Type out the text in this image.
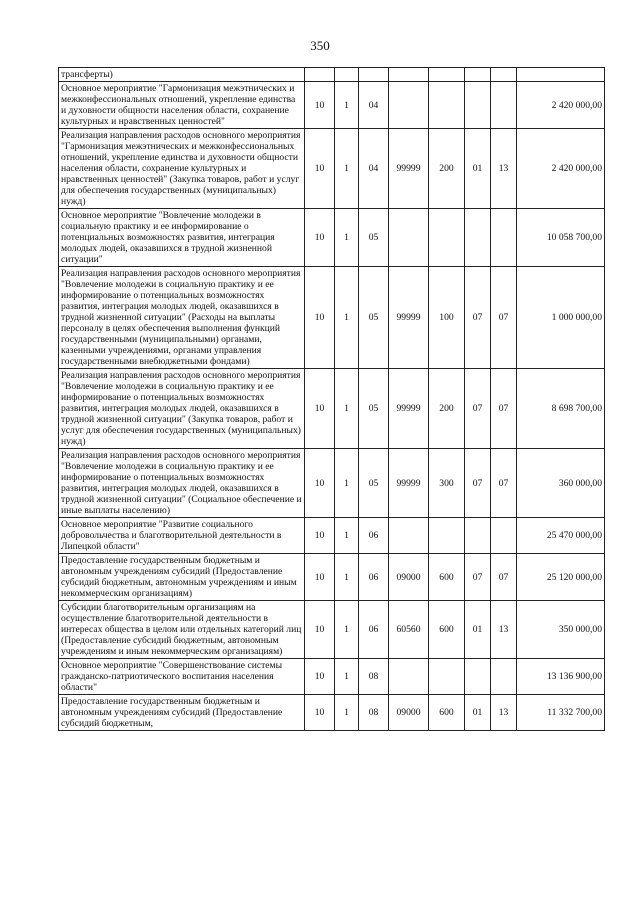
350
трансферты)								
Основное мероприятие "Гармонизация межэтнических и межконфессиональных отношений, укрепление единства и духовности общности населения области, сохранение культурных и нравственных ценностей"	10	1	04					2 420 000,00
Реализация направления расходов основного мероприятия "Гармонизация межэтнических и межконфессиональных отношений, укрепление единства и духовности общности населения области, сохранение культурных и нравственных ценностей" (Закупка товаров, работ и услуг для обеспечения государственных (муниципальных) нужд)	10	1	04	99999	200	01	13	2 420 000,00
Основное мероприятие "Вовлечение молодежи в социальную практику и ее информирование о потенциальных возможностях развития, интеграция молодых людей, оказавшихся в трудной жизненной ситуации"	10	1	05					10 058 700,00
Реализация направления расходов основного мероприятия "Вовлечение молодежи в социальную практику и ее информирование о потенциальных возможностях развития, интеграция молодых людей, оказавшихся в трудной жизненной ситуации" (Расходы на выплаты персоналу в целях обеспечения выполнения функций государственными (муниципальными) органами, казенными учреждениями, органами управления государственными внебюджетными фондами)	10	1	05	99999	100	07	07	1 000 000,00
Реализация направления расходов основного мероприятия "Вовлечение молодежи в социальную практику и ее информирование о потенциальных возможностях развития, интеграция молодых людей, оказавшихся в трудной жизненной ситуации" (Закупка товаров, работ и услуг для обеспечения государственных (муниципальных) нужд)	10	1	05	99999	200	07	07	8 698 700,00
Реализация направления расходов основного мероприятия "Вовлечение молодежи в социальную практику и ее информирование о потенциальных возможностях развития, интеграция молодых людей, оказавшихся в трудной жизненной ситуации" (Социальное обеспечение и иные выплаты населению)	10	1	05	99999	300	07	07	360 000,00
Основное мероприятие "Развитие социального добровольчества и благотворительной деятельности в Липецкой области"	10	1	06					25 470 000,00
Предоставление государственным бюджетным и автономным учреждениям субсидий (Предоставление субсидий бюджетным, автономным учреждениям и иным некоммерческим организациям)	10	1	06	09000	600	07	07	25 120 000,00
Субсидии благотворительным организациям на осуществление благотворительной деятельности в интересах общества в целом или отдельных категорий лиц (Предоставление субсидий бюджетным, автономным учреждениям и иным некоммерческим организациям)	10	1	06	60560	600	01	13	350 000,00
Основное мероприятие "Совершенствование системы гражданско-патриотического воспитания населения области"	10	1	08					13 136 900,00
Предоставление государственным бюджетным и автономным учреждениям субсидий (Предоставление субсидий бюджетным,	10	1	08	09000	600	01	13	11 332 700,00
